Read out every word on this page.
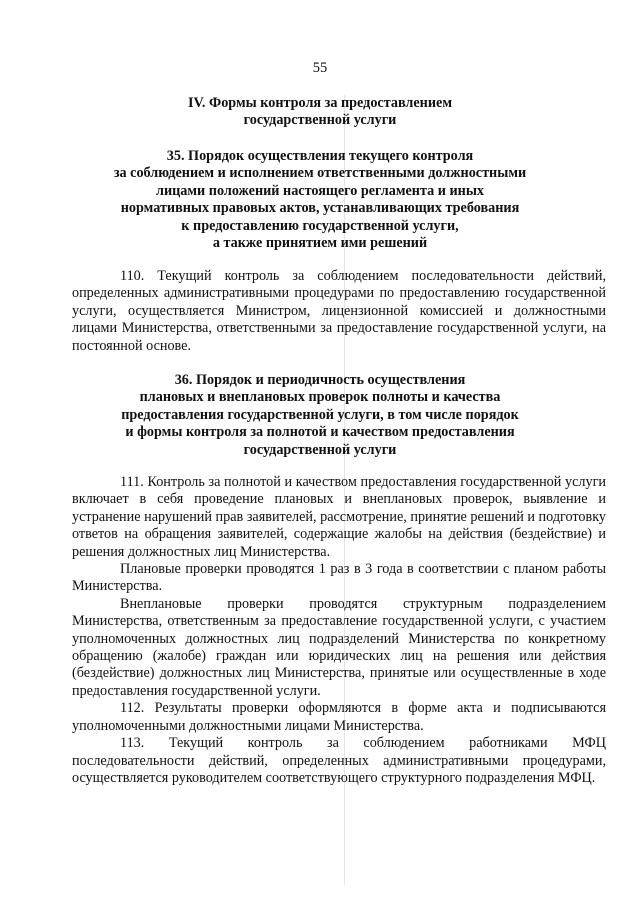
55
IV. Формы контроля за предоставлением
государственной услуги
35. Порядок осуществления текущего контроля
за соблюдением и исполнением ответственными должностными
лицами положений настоящего регламента и иных
нормативных правовых актов, устанавливающих требования
к предоставлению государственной услуги,
а также принятием ими решений

110. Текущий контроль за соблюдением последовательности действий, определенных административными процедурами по предоставлению государственной услуги, осуществляется Министром, лицензионной комиссией и должностными лицами Министерства, ответственными за предоставление государственной услуги, на постоянной основе.

36. Порядок и периодичность осуществления
плановых и внеплановых проверок полноты и качества
предоставления государственной услуги, в том числе порядок
и формы контроля за полнотой и качеством предоставления
государственной услуги

111. Контроль за полнотой и качеством предоставления государственной услуги включает в себя проведение плановых и внеплановых проверок, выявление и устранение нарушений прав заявителей, рассмотрение, принятие решений и подготовку ответов на обращения заявителей, содержащие жалобы на действия (бездействие) и решения должностных лиц Министерства.

Плановые проверки проводятся 1 раз в 3 года в соответствии с планом работы Министерства.

Внеплановые проверки проводятся структурным подразделением Министерства, ответственным за предоставление государственной услуги, с участием уполномоченных должностных лиц подразделений Министерства по конкретному обращению (жалобе) граждан или юридических лиц на решения или действия (бездействие) должностных лиц Министерства, принятые или осуществленные в ходе предоставления государственной услуги.

112. Результаты проверки оформляются в форме акта и подписываются уполномоченными должностными лицами Министерства.

113. Текущий контроль за соблюдением работниками МФЦ последовательности действий, определенных административными процедурами, осуществляется руководителем соответствующего структурного подразделения МФЦ.
